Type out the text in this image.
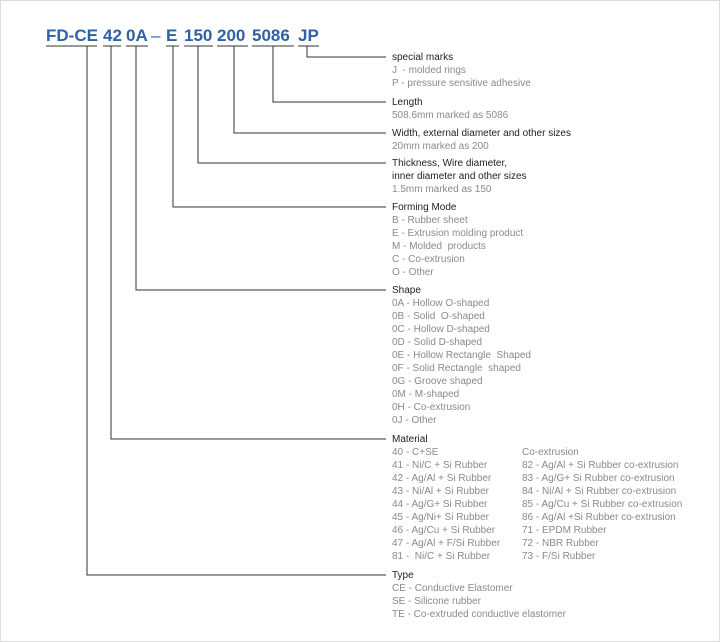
FD-CE 42 0A – E 150 200 5086 JP
special marks
J  - molded rings
P - pressure sensitive adhesive
Length
508.6mm marked as 5086
Width, external diameter and other sizes
20mm marked as 200
Thickness, Wire diameter,
inner diameter and other sizes
1.5mm marked as 150
Forming Mode
B - Rubber sheet
E - Extrusion molding product
M - Molded  products
C - Co-extrusion
O - Other
Shape
0A - Hollow O-shaped
0B - Solid  O-shaped
0C - Hollow D-shaped
0D - Solid D-shaped
0E - Hollow Rectangle  Shaped
0F - Solid Rectangle  shaped
0G - Groove shaped
0M - M-shaped
0H - Co-extrusion
0J - Other
Material
40 - C+SE
41 - Ni/C + Si Rubber
42 - Ag/Al + Si Rubber
43 - Ni/Al + Si Rubber
44 - Ag/G+ Si Rubber
45 - Ag/Ni+ Si Rubber
46 - Ag/Cu + Si Rubber
47 - Ag/Al + F/Si Rubber
81 -  Ni/C + Si Rubber
Co-extrusion
82 - Ag/Al + Si Rubber co-extrusion
83 - Ag/G+ Si Rubber co-extrusion
84 - Ni/Al + Si Rubber co-extrusion
85 - Ag/Cu + Si Rubber co-extrusion
86 - Ag/Al +Si Rubber co-extrusion
71 - EPDM Rubber
72 - NBR Rubber
73 - F/Si Rubber
Type
CE - Conductive Elastomer
SE - Silicone rubber
TE - Co-extruded conductive elastomer
